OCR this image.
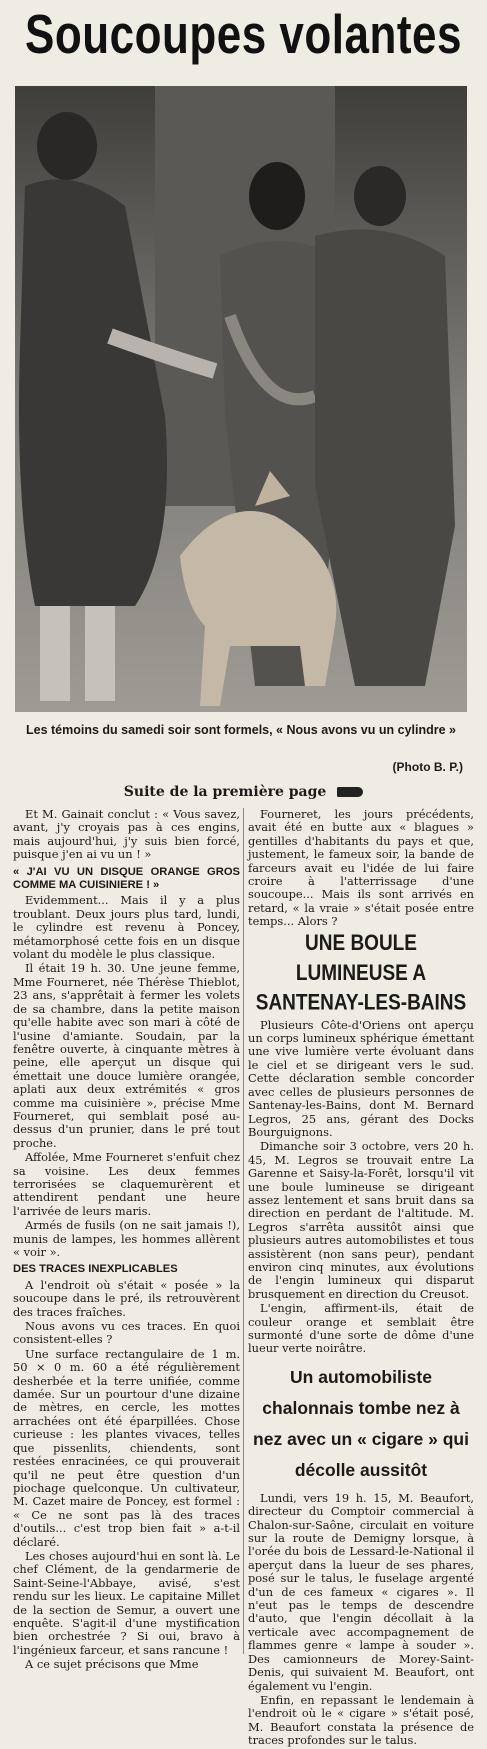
Soucoupes volantes
Les témoins du samedi soir sont formels, « Nous avons vu un cylindre »
(Photo B. P.)
Suite de la première page

Et M. Gainait conclut : « Vous savez, avant, j'y croyais pas à ces engins, mais aujourd'hui, j'y suis bien forcé, puisque j'en ai vu un ! »

« J'AI VU UN DISQUE ORANGE GROS COMME MA CUISINIERE ! »

Evidemment... Mais il y a plus troublant. Deux jours plus tard, lundi, le cylindre est revenu à Poncey, métamorphosé cette fois en un disque volant du modèle le plus classique.

Il était 19 h. 30. Une jeune femme, Mme Fourneret, née Thérèse Thieblot, 23 ans, s'apprêtait à fermer les volets de sa chambre, dans la petite maison qu'elle habite avec son mari à côté de l'usine d'amiante. Soudain, par la fenêtre ouverte, à cinquante mètres à peine, elle aperçut un disque qui émettait une douce lumière orangée, aplati aux deux extrémités « gros comme ma cuisinière », précise Mme Fourneret, qui semblait posé au-dessus d'un prunier, dans le pré tout proche.

Affolée, Mme Fourneret s'enfuit chez sa voisine. Les deux femmes terrorisées se claquemurèrent et attendirent pendant une heure l'arrivée de leurs maris.

Armés de fusils (on ne sait jamais !), munis de lampes, les hommes allèrent « voir ».

DES TRACES INEXPLICABLES

A l'endroit où s'était « posée » la soucoupe dans le pré, ils retrouvèrent des traces fraîches.

Nous avons vu ces traces. En quoi consistent-elles ?

Une surface rectangulaire de 1 m. 50 × 0 m. 60 a été régulièrement desherbée et la terre unifiée, comme damée. Sur un pourtour d'une dizaine de mètres, en cercle, les mottes arrachées ont été éparpillées. Chose curieuse : les plantes vivaces, telles que pissenlits, chiendents, sont restées enracinées, ce qui prouverait qu'il ne peut être question d'un piochage quelconque. Un cultivateur, M. Cazet maire de Poncey, est formel : « Ce ne sont pas là des traces d'outils... c'est trop bien fait » a-t-il déclaré.

Les choses aujourd'hui en sont là. Le chef Clément, de la gendarmerie de Saint-Seine-l'Abbaye, avisé, s'est rendu sur les lieux. Le capitaine Millet de la section de Semur, a ouvert une enquête. S'agit-il d'une mystification bien orchestrée ? Si oui, bravo à l'ingénieux farceur, et sans rancune !

A ce sujet précisons que Mme

Fourneret, les jours précédents, avait été en butte aux « blagues » gentilles d'habitants du pays et que, justement, le fameux soir, la bande de farceurs avait eu l'idée de lui faire croire à l'atterrissage d'une soucoupe... Mais ils sont arrivés en retard, « la vraie » s'était posée entre temps... Alors ?

UNE BOULE LUMINEUSE A SANTENAY-LES-BAINS

Plusieurs Côte-d'Oriens ont aperçu un corps lumineux sphérique émettant une vive lumière verte évoluant dans le ciel et se dirigeant vers le sud. Cette déclaration semble concorder avec celles de plusieurs personnes de Santenay-les-Bains, dont M. Bernard Legros, 25 ans, gérant des Docks Bourguignons.

Dimanche soir 3 octobre, vers 20 h. 45, M. Legros se trouvait entre La Garenne et Saisy-la-Forêt, lorsqu'il vit une boule lumineuse se dirigeant assez lentement et sans bruit dans sa direction en perdant de l'altitude. M. Legros s'arrêta aussitôt ainsi que plusieurs autres automobilistes et tous assistèrent (non sans peur), pendant environ cinq minutes, aux évolutions de l'engin lumineux qui disparut brusquement en direction du Creusot.

L'engin, affirment-ils, était de couleur orange et semblait être surmonté d'une sorte de dôme d'une lueur verte noirâtre.

Un automobiliste chalonnais tombe nez à nez avec un « cigare » qui décolle aussitôt

Lundi, vers 19 h. 15, M. Beaufort, directeur du Comptoir commercial à Chalon-sur-Saône, circulait en voiture sur la route de Demigny lorsque, à l'orée du bois de Lessard-le-National il aperçut dans la lueur de ses phares, posé sur le talus, le fuselage argenté d'un de ces fameux « cigares ». Il n'eut pas le temps de descendre d'auto, que l'engin décollait à la verticale avec accompagnement de flammes genre « lampe à souder ». Des camionneurs de Morey-Saint-Denis, qui suivaient M. Beaufort, ont également vu l'engin.

Enfin, en repassant le lendemain à l'endroit où le « cigare » s'était posé, M. Beaufort constata la présence de traces profondes sur le talus.
